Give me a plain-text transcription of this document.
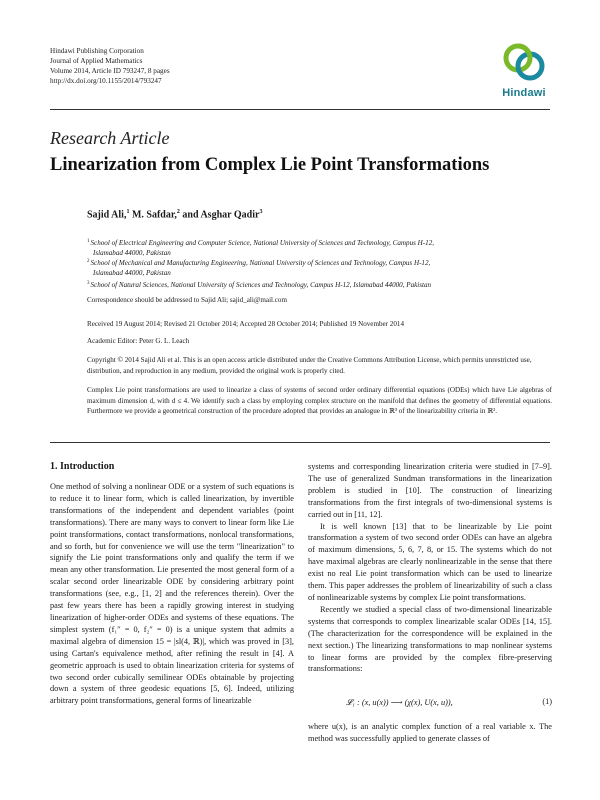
Hindawi Publishing Corporation
Journal of Applied Mathematics
Volume 2014, Article ID 793247, 8 pages
http://dx.doi.org/10.1155/2014/793247
Hindawi
Research Article
Linearization from Complex Lie Point Transformations
Sajid Ali,$^1$ M. Safdar,$^2$ and Asghar Qadir$^3$
$^1$School of Electrical Engineering and Computer Science, National University of Sciences and Technology, Campus H-12,
Islamabad 44000, Pakistan
$^2$School of Mechanical and Manufacturing Engineering, National University of Sciences and Technology, Campus H-12,
Islamabad 44000, Pakistan
$^3$School of Natural Sciences, National University of Sciences and Technology, Campus H-12, Islamabad 44000, Pakistan
Correspondence should be addressed to Sajid Ali; sajid_ali@mail.com
Received 19 August 2014; Revised 21 October 2014; Accepted 28 October 2014; Published 19 November 2014
Academic Editor: Peter G. L. Leach
Copyright © 2014 Sajid Ali et al. This is an open access article distributed under the Creative Commons Attribution License, which permits unrestricted use, distribution, and reproduction in any medium, provided the original work is properly cited.
Complex Lie point transformations are used to linearize a class of systems of second order ordinary differential equations (ODEs) which have Lie algebras of maximum dimension d, with d ≤ 4. We identify such a class by employing complex structure on the manifold that defines the geometry of differential equations. Furthermore we provide a geometrical construction of the procedure adopted that provides an analogue in ℝ³ of the linearizability criteria in ℝ².
1. Introduction

One method of solving a nonlinear ODE or a system of such equations is to reduce it to linear form, which is called linearization, by invertible transformations of the independent and dependent variables (point transformations). There are many ways to convert to linear form like Lie point transformations, contact transformations, nonlocal transformations, and so forth, but for convenience we will use the term "linearization" to signify the Lie point transformations only and qualify the term if we mean any other transformation. Lie presented the most general form of a scalar second order linearizable ODE by considering arbitrary point transformations (see, e.g., [1, 2] and the references therein). Over the past few years there has been a rapidly growing interest in studying linearization of higher-order ODEs and systems of these equations. The simplest system (f₁″ = 0, f₂″ = 0) is a unique system that admits a maximal algebra of dimension 15 = |sl(4, ℝ)|, which was proved in [3], using Cartan's equivalence method, after refining the result in [4]. A geometric approach is used to obtain linearization criteria for systems of two second order cubically semilinear ODEs obtainable by projecting down a system of three geodesic equations [5, 6]. Indeed, utilizing arbitrary point transformations, general forms of linearizable

systems and corresponding linearization criteria were studied in [7–9]. The use of generalized Sundman transformations in the linearization problem is studied in [10]. The construction of linearizing transformations from the first integrals of two-dimensional systems is carried out in [11, 12].

It is well known [13] that to be linearizable by Lie point transformation a system of two second order ODEs can have an algebra of maximum dimensions, 5, 6, 7, 8, or 15. The systems which do not have maximal algebras are clearly nonlinearizable in the sense that there exist no real Lie point transformation which can be used to linearize them. This paper addresses the problem of linearizability of such a class of nonlinearizable systems by complex Lie point transformations.

Recently we studied a special class of two-dimensional linearizable systems that corresponds to complex linearizable scalar ODEs [14, 15]. (The characterization for the correspondence will be explained in the next section.) The linearizing transformations to map nonlinear systems to linear forms are provided by the complex fibre-preserving transformations:

𝓛₁ : (x, u(x)) ⟶ (χ(x), U(x, u)),	(1)

where u(x), is an analytic complex function of a real variable x. The method was successfully applied to generate classes of
